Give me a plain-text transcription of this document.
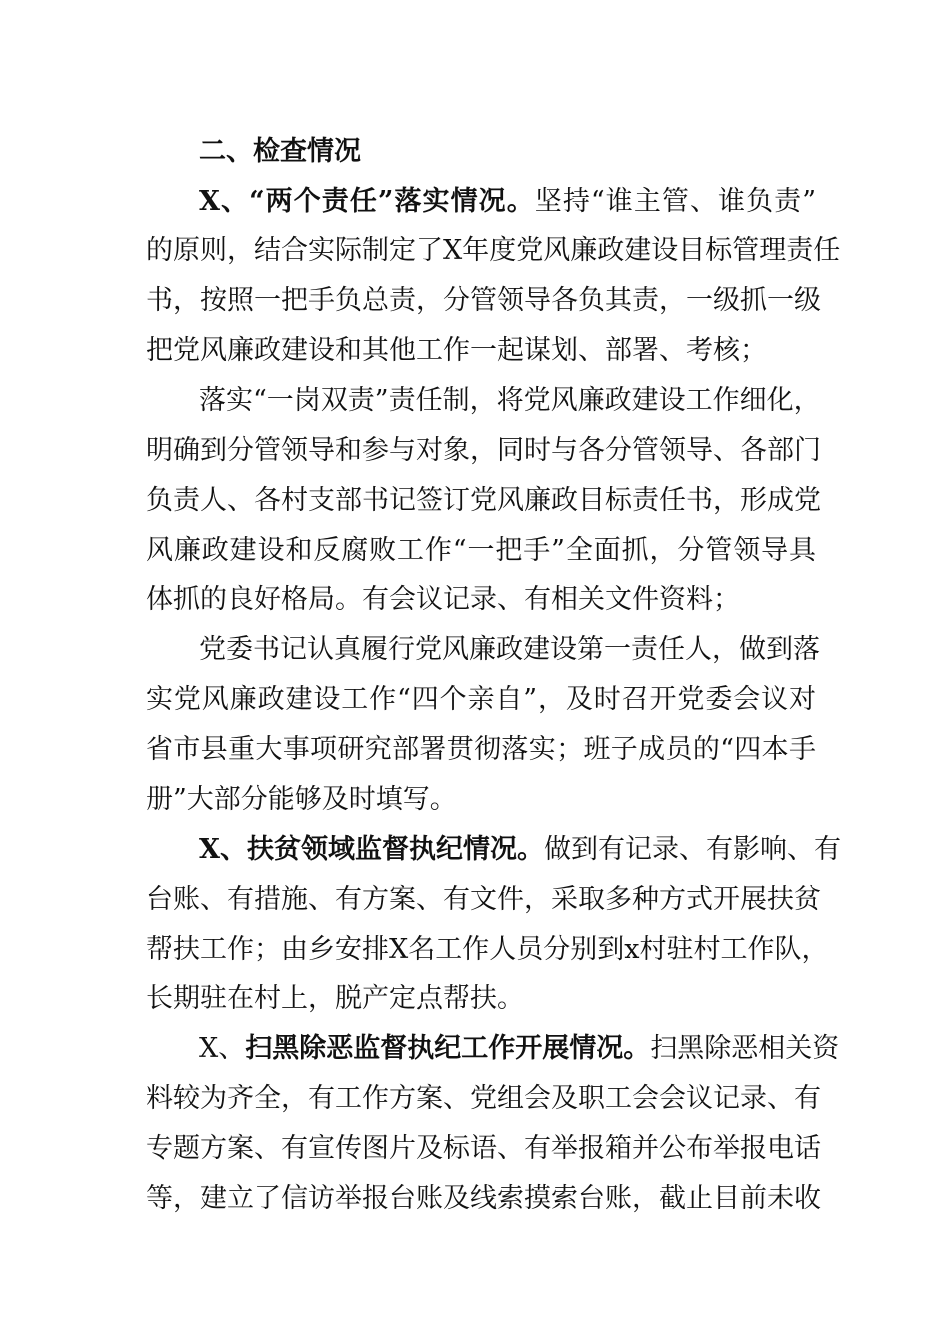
二、检查情况
X、“两个责任”落实情况。坚持“谁主管、谁负责”
的原则，结合实际制定了X年度党风廉政建设目标管理责任
书，按照一把手负总责，分管领导各负其责，一级抓一级
把党风廉政建设和其他工作一起谋划、部署、考核；
落实“一岗双责”责任制，将党风廉政建设工作细化，
明确到分管领导和参与对象，同时与各分管领导、各部门
负责人、各村支部书记签订党风廉政目标责任书，形成党
风廉政建设和反腐败工作“一把手”全面抓，分管领导具
体抓的良好格局。有会议记录、有相关文件资料；
党委书记认真履行党风廉政建设第一责任人，做到落
实党风廉政建设工作“四个亲自”，及时召开党委会议对
省市县重大事项研究部署贯彻落实；班子成员的“四本手
册”大部分能够及时填写。
X、扶贫领域监督执纪情况。做到有记录、有影响、有
台账、有措施、有方案、有文件，采取多种方式开展扶贫
帮扶工作；由乡安排X名工作人员分别到x村驻村工作队，
长期驻在村上，脱产定点帮扶。
X、扫黑除恶监督执纪工作开展情况。扫黑除恶相关资
料较为齐全，有工作方案、党组会及职工会会议记录、有
专题方案、有宣传图片及标语、有举报箱并公布举报电话
等，建立了信访举报台账及线索摸索台账，截止目前未收
